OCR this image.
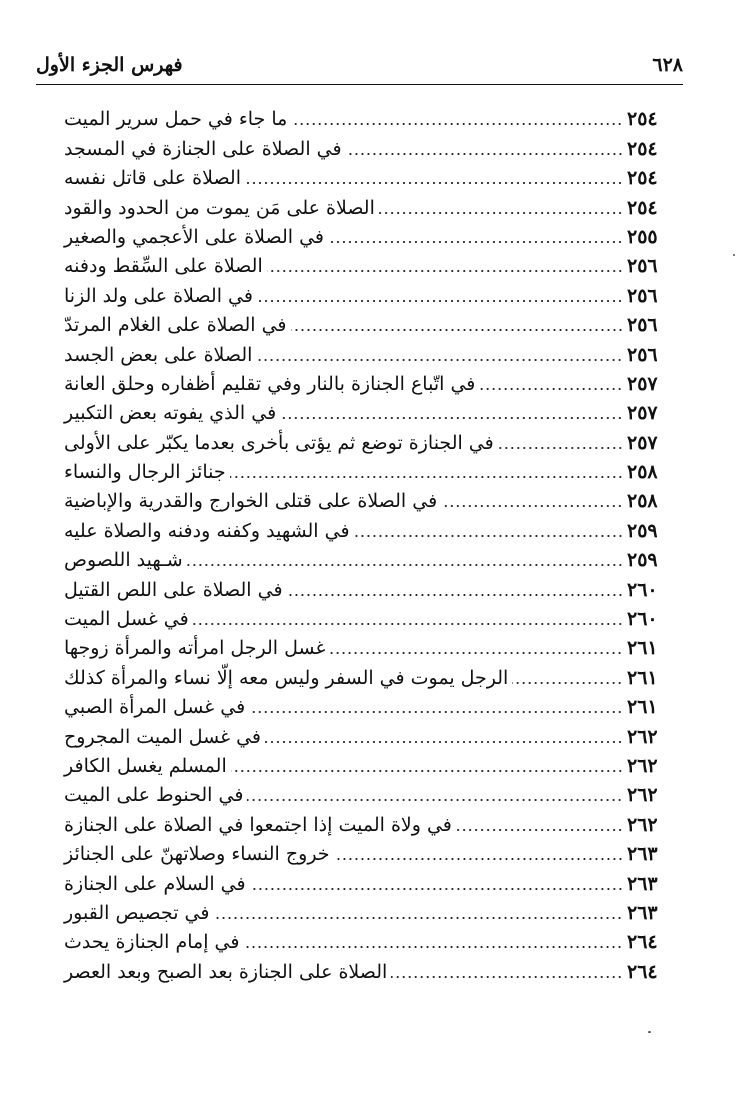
٦٢٨
فهرس الجزء الأول
ما جاء في حمل سرير الميت	٢٥٤
في الصلاة على الجنازة في المسجد	٢٥٤
الصلاة على قاتل نفسه	٢٥٤
الصلاة على مَن يموت من الحدود والقود	٢٥٤
في الصلاة على الأعجمي والصغير	٢٥٥
الصلاة على السِّقط ودفنه	٢٥٦
في الصلاة على ولد الزنا	٢٥٦
في الصلاة على الغلام المرتدّ	٢٥٦
الصلاة على بعض الجسد	٢٥٦
في اتّباع الجنازة بالنار وفي تقليم أظفاره وحلق العانة	٢٥٧
في الذي يفوته بعض التكبير	٢٥٧
في الجنازة توضع ثم يؤتى بأخرى بعدما يكبّر على الأولى	٢٥٧
جنائز الرجال والنساء	٢٥٨
في الصلاة على قتلى الخوارج والقدرية والإباضية	٢٥٨
في الشهيد وكفنه ودفنه والصلاة عليه	٢٥٩
شـهيد اللصوص	٢٥٩
في الصلاة على اللص القتيل	٢٦٠
في غسل الميت	٢٦٠
غسل الرجل امرأته والمرأة زوجها	٢٦١
الرجل يموت في السفر وليس معه إلّا نساء والمرأة كذلك	٢٦١
في غسل المرأة الصبي	٢٦١
في غسل الميت المجروح	٢٦٢
المسلم يغسل الكافر	٢٦٢
في الحنوط على الميت	٢٦٢
في ولاة الميت إذا اجتمعوا في الصلاة على الجنازة	٢٦٢
خروج النساء وصلاتهنّ على الجنائز	٢٦٣
في السلام على الجنازة	٢٦٣
في تجصيص القبور	٢٦٣
في إمام الجنازة يحدث	٢٦٤
الصلاة على الجنازة بعد الصبح وبعد العصر	٢٦٤
